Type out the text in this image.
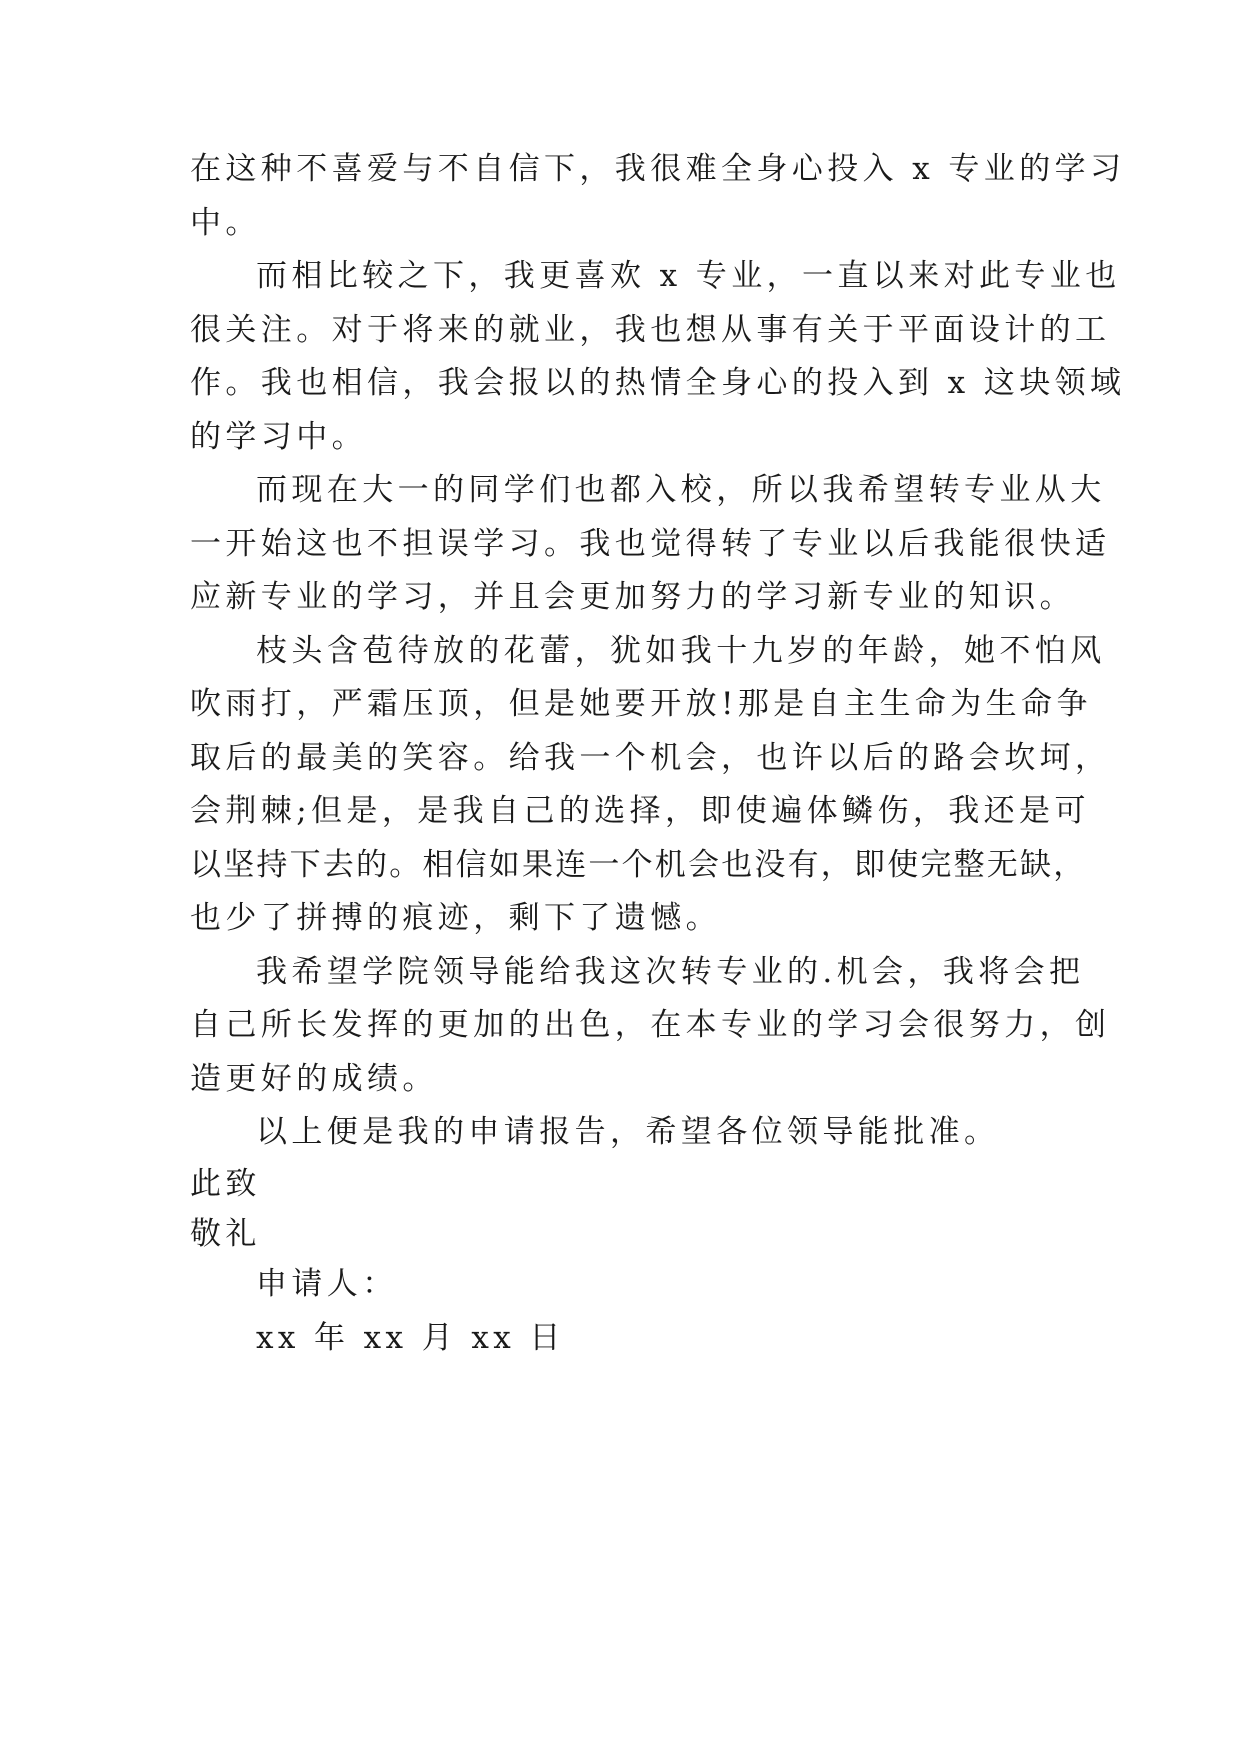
在这种不喜爱与不自信下，我很难全身心投入 x 专业的学习
中。
而相比较之下，我更喜欢 x 专业，一直以来对此专业也
很关注。对于将来的就业，我也想从事有关于平面设计的工
作。我也相信，我会报以的热情全身心的投入到 x 这块领域
的学习中。
而现在大一的同学们也都入校，所以我希望转专业从大
一开始这也不担误学习。我也觉得转了专业以后我能很快适
应新专业的学习，并且会更加努力的学习新专业的知识。
枝头含苞待放的花蕾，犹如我十九岁的年龄，她不怕风
吹雨打，严霜压顶，但是她要开放!那是自主生命为生命争
取后的最美的笑容。给我一个机会，也许以后的路会坎坷，
会荆棘;但是，是我自己的选择，即使遍体鳞伤，我还是可
以坚持下去的。相信如果连一个机会也没有，即使完整无缺，
也少了拼搏的痕迹，剩下了遗憾。
我希望学院领导能给我这次转专业的.机会，我将会把
自己所长发挥的更加的出色，在本专业的学习会很努力，创
造更好的成绩。
以上便是我的申请报告，希望各位领导能批准。
此致
敬礼
申请人：
xx 年 xx 月 xx 日
